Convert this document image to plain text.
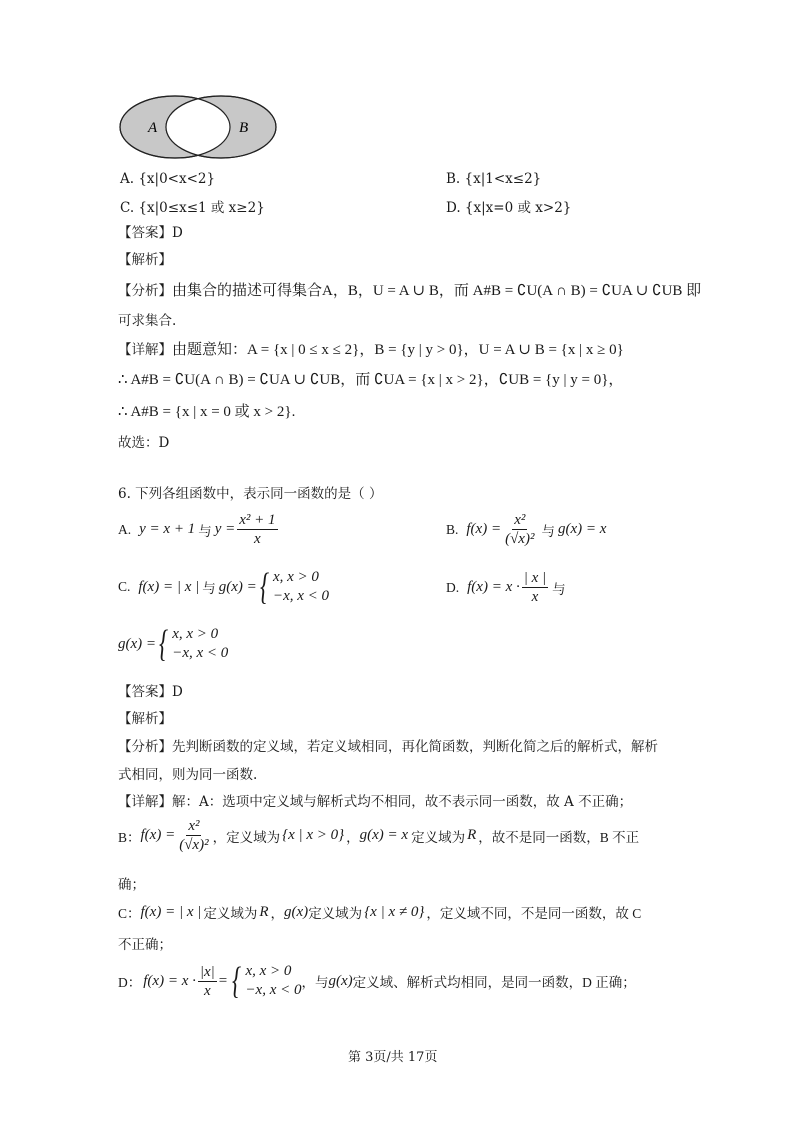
A	B
A. {x|0<x<2}	B. {x|1<x≤2}
C. {x|0≤x≤1 或 x≥2}	D. {x|x=0 或 x>2}
【答案】D
【解析】
【分析】由集合的描述可得集合A，B，U = A ∪ B，而 A#B = ∁U(A ∩ B) = ∁UA ∪ ∁UB 即
可求集合.
【详解】由题意知：A = {x | 0 ≤ x ≤ 2}，B = {y | y > 0}，U = A ∪ B = {x | x ≥ 0}
∴ A#B = ∁U(A ∩ B) = ∁UA ∪ ∁UB，而 ∁UA = {x | x > 2}，∁UB = {y | y = 0}，
∴ A#B = {x | x = 0 或 x > 2}.
故选：D
6. 下列各组函数中，表示同一函数的是（ ）
A. y = x + 1 与 $y = \frac{\text{x² + 1}}{x}$	B. $f(x) = \frac{\text{x²}}{\text{(√x)²}}$ 与 g(x) = x
C. f(x) = | x | 与 g(x) = { x, x > 0
−x, x < 0
D. $f(x) = x \cdot \frac{| x |}{x}$ 与
g(x) = { x, x > 0
−x, x < 0
【答案】D
【解析】
【分析】先判断函数的定义域，若定义域相同，再化简函数，判断化简之后的解析式，解析
式相同，则为同一函数.
【详解】解：A：选项中定义域与解析式均不相同，故不表示同一函数，故 A 不正确；
B： $f(x) = \frac{\text{x²}}{\text{(√x)²}}$ ，定义域为 {x | x > 0} ， g(x) = x 定义域为 R ，故不是同一函数，B 不正
确；
C： f(x) = | x | 定义域为 R ， g(x) 定义域为 {x | x ≠ 0} ，定义域不同，不是同一函数，故 C
不正确；
D： $f(x) = x \cdot \frac{|x|}{x}$ = { x, x > 0
−x, x < 0 ，与 g(x) 定义域、解析式均相同，是同一函数，D 正确；
第 3页/共 17页
